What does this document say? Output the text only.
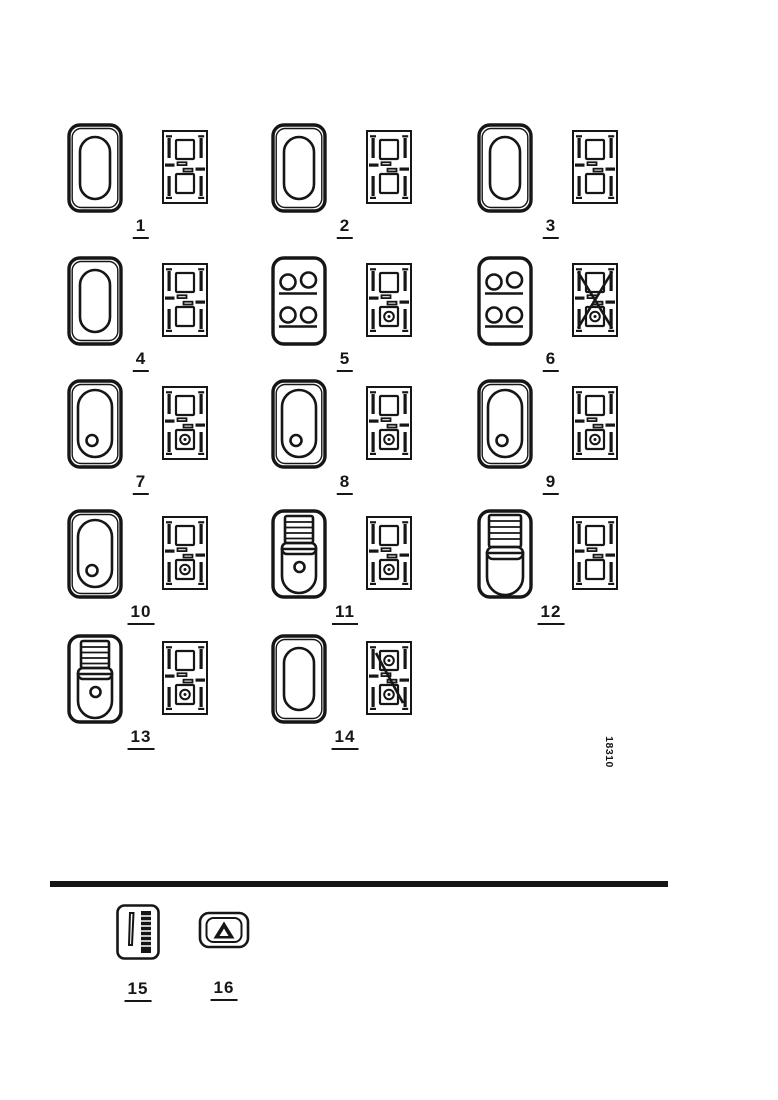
1	2	3
4	5	6
7	8	9
10	11	12
13	14	18310
15	16
